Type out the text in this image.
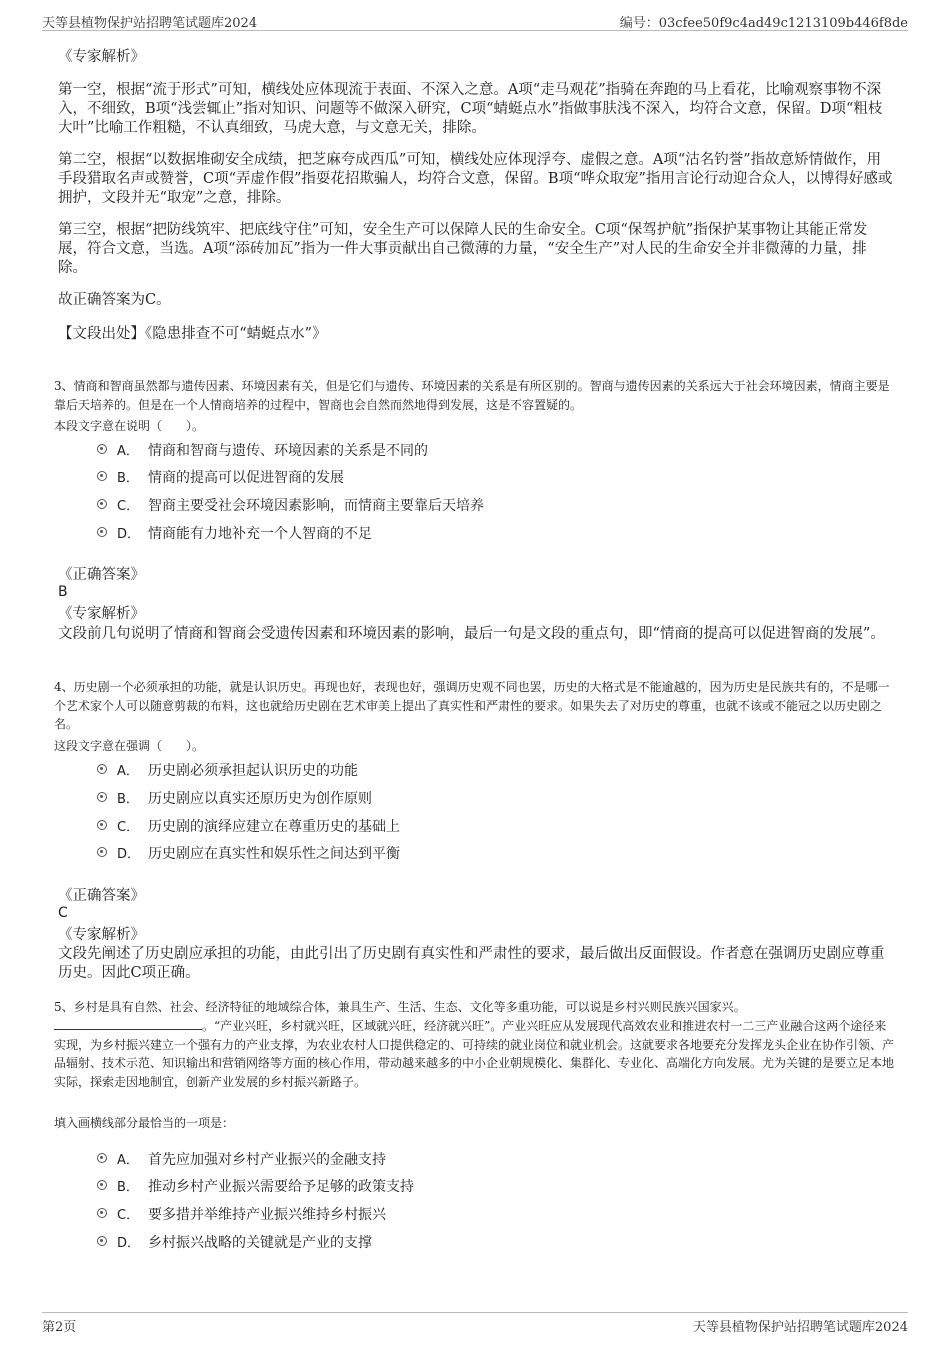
天等县植物保护站招聘笔试题库2024	编号：03cfee50f9c4ad49c1213109b446f8de

《专家解析》

第一空，根据“流于形式”可知，横线处应体现流于表面、不深入之意。A项“走马观花”指骑在奔跑的马上看花，比喻观察事物不深入，不细致，B项“浅尝辄止”指对知识、问题等不做深入研究，C项“蜻蜓点水”指做事肤浅不深入，均符合文意，保留。D项“粗枝大叶”比喻工作粗糙，不认真细致，马虎大意，与文意无关，排除。

第二空，根据“以数据堆砌安全成绩，把芝麻夸成西瓜”可知，横线处应体现浮夸、虚假之意。A项“沽名钓誉”指故意矫情做作，用手段猎取名声或赞誉，C项“弄虚作假”指耍花招欺骗人，均符合文意，保留。B项“哗众取宠”指用言论行动迎合众人，以博得好感或拥护，文段并无“取宠”之意，排除。

第三空，根据“把防线筑牢、把底线守住”可知，安全生产可以保障人民的生命安全。C项“保驾护航”指保护某事物让其能正常发展，符合文意，当选。A项“添砖加瓦”指为一件大事贡献出自己微薄的力量，“安全生产”对人民的生命安全并非微薄的力量，排除。

故正确答案为C。

【文段出处】《隐患排查不可“蜻蜓点水”》

3、情商和智商虽然都与遗传因素、环境因素有关，但是它们与遗传、环境因素的关系是有所区别的。智商与遗传因素的关系远大于社会环境因素，情商主要是靠后天培养的。但是在一个人情商培养的过程中，智商也会自然而然地得到发展，这是不容置疑的。

本段文字意在说明（　　）。

A． 情商和智商与遗传、环境因素的关系是不同的
B． 情商的提高可以促进智商的发展
C． 智商主要受社会环境因素影响，而情商主要靠后天培养
D． 情商能有力地补充一个人智商的不足

《正确答案》

B

《专家解析》

文段前几句说明了情商和智商会受遗传因素和环境因素的影响，最后一句是文段的重点句，即“情商的提高可以促进智商的发展”。

4、历史剧一个必须承担的功能，就是认识历史。再现也好，表现也好，强调历史观不同也罢，历史的大格式是不能逾越的，因为历史是民族共有的，不是哪一个艺术家个人可以随意剪裁的布料，这也就给历史剧在艺术审美上提出了真实性和严肃性的要求。如果失去了对历史的尊重，也就不该或不能冠之以历史剧之名。

这段文字意在强调（　　）。

A． 历史剧必须承担起认识历史的功能
B． 历史剧应以真实还原历史为创作原则
C． 历史剧的演绎应建立在尊重历史的基础上
D． 历史剧应在真实性和娱乐性之间达到平衡

《正确答案》

C

《专家解析》

文段先阐述了历史剧应承担的功能，由此引出了历史剧有真实性和严肃性的要求，最后做出反面假设。作者意在强调历史剧应尊重历史。因此C项正确。

5、乡村是具有自然、社会、经济特征的地域综合体，兼具生产、生活、生态、文化等多重功能，可以说是乡村兴则民族兴国家兴。

。“产业兴旺，乡村就兴旺，区域就兴旺，经济就兴旺”。产业兴旺应从发展现代高效农业和推进农村一二三产业融合这两个途径来实现，为乡村振兴建立一个强有力的产业支撑，为农业农村人口提供稳定的、可持续的就业岗位和就业机会。这就要求各地要充分发挥龙头企业在协作引领、产品辐射、技术示范、知识输出和营销网络等方面的核心作用，带动越来越多的中小企业朝规模化、集群化、专业化、高端化方向发展。尤为关键的是要立足本地实际，探索走因地制宜，创新产业发展的乡村振兴新路子。

填入画横线部分最恰当的一项是：

A． 首先应加强对乡村产业振兴的金融支持
B． 推动乡村产业振兴需要给予足够的政策支持
C． 要多措并举维持产业振兴维持乡村振兴
D． 乡村振兴战略的关键就是产业的支撑
第2页	天等县植物保护站招聘笔试题库2024
